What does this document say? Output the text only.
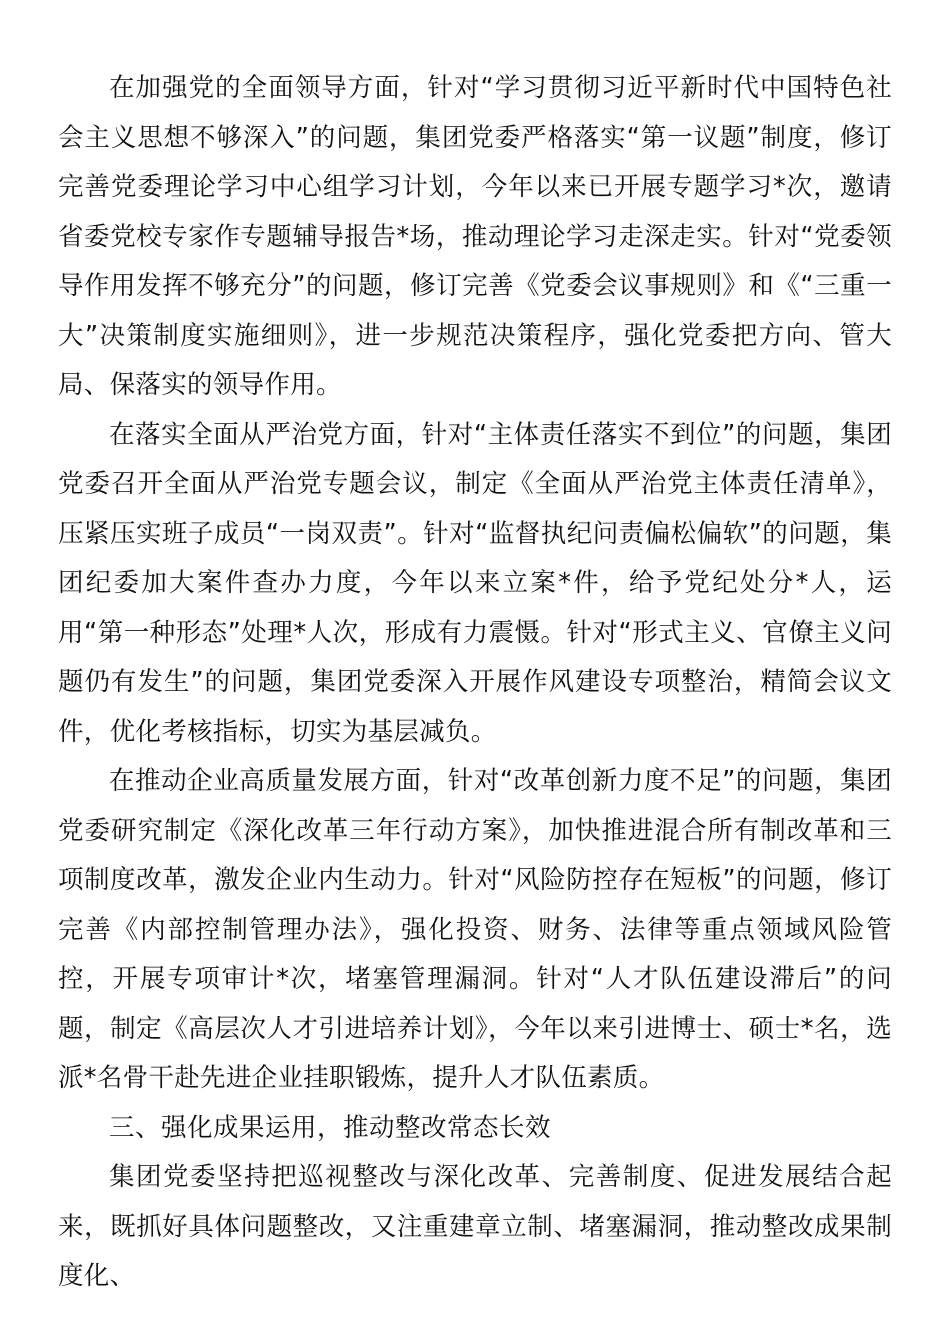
在加强党的全面领导方面，针对“学习贯彻习近平新时代中国特色社会主义思想不够深入”的问题，集团党委严格落实“第一议题”制度，修订完善党委理论学习中心组学习计划，今年以来已开展专题学习*次，邀请省委党校专家作专题辅导报告*场，推动理论学习走深走实。针对“党委领导作用发挥不够充分”的问题，修订完善《党委会议事规则》和《“三重一大”决策制度实施细则》，进一步规范决策程序，强化党委把方向、管大局、保落实的领导作用。

在落实全面从严治党方面，针对“主体责任落实不到位”的问题，集团党委召开全面从严治党专题会议，制定《全面从严治党主体责任清单》，压紧压实班子成员“一岗双责”。针对“监督执纪问责偏松偏软”的问题，集团纪委加大案件查办力度，今年以来立案*件，给予党纪处分*人，运用“第一种形态”处理*人次，形成有力震慑。针对“形式主义、官僚主义问题仍有发生”的问题，集团党委深入开展作风建设专项整治，精简会议文件，优化考核指标，切实为基层减负。

在推动企业高质量发展方面，针对“改革创新力度不足”的问题，集团党委研究制定《深化改革三年行动方案》，加快推进混合所有制改革和三项制度改革，激发企业内生动力。针对“风险防控存在短板”的问题，修订完善《内部控制管理办法》，强化投资、财务、法律等重点领域风险管控，开展专项审计*次，堵塞管理漏洞。针对“人才队伍建设滞后”的问题，制定《高层次人才引进培养计划》，今年以来引进博士、硕士*名，选派*名骨干赴先进企业挂职锻炼，提升人才队伍素质。

三、强化成果运用，推动整改常态长效

集团党委坚持把巡视整改与深化改革、完善制度、促进发展结合起来，既抓好具体问题整改，又注重建章立制、堵塞漏洞，推动整改成果制度化、
